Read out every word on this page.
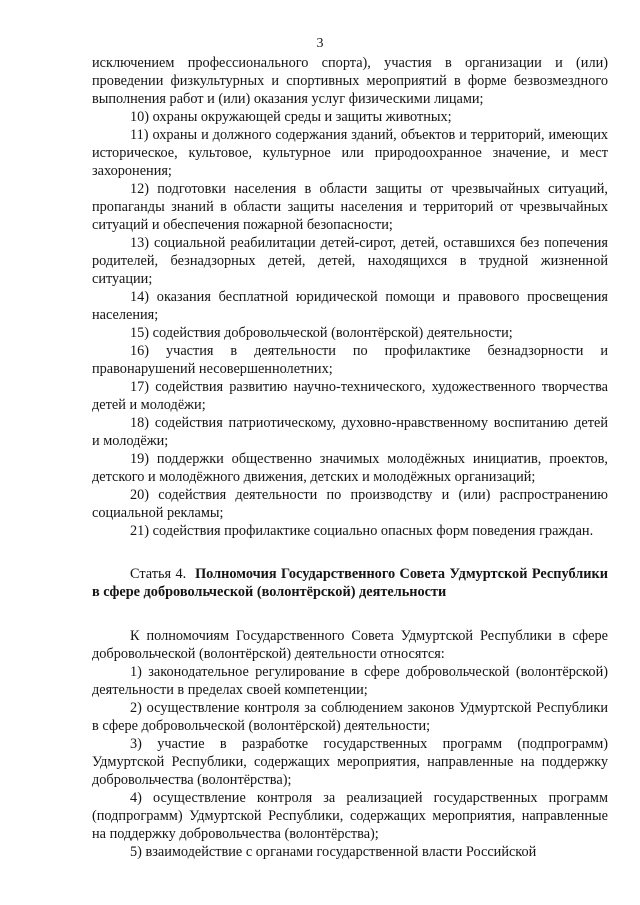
3

исключением профессионального спорта), участия в организации и (или) проведении физкультурных и спортивных мероприятий в форме безвозмездного выполнения работ и (или) оказания услуг физическими лицами;

10) охраны окружающей среды и защиты животных;

11) охраны и должного содержания зданий, объектов и территорий, имеющих историческое, культовое, культурное или природоохранное значение, и мест захоронения;

12) подготовки населения в области защиты от чрезвычайных ситуаций, пропаганды знаний в области защиты населения и территорий от чрезвычайных ситуаций и обеспечения пожарной безопасности;

13) социальной реабилитации детей-сирот, детей, оставшихся без попечения родителей, безнадзорных детей, детей, находящихся в трудной жизненной ситуации;

14) оказания бесплатной юридической помощи и правового просвещения населения;

15) содействия добровольческой (волонтёрской) деятельности;

16) участия в деятельности по профилактике безнадзорности и правонарушений несовершеннолетних;

17) содействия развитию научно-технического, художественного творчества детей и молодёжи;

18) содействия патриотическому, духовно-нравственному воспитанию детей и молодёжи;

19) поддержки общественно значимых молодёжных инициатив, проектов, детского и молодёжного движения, детских и молодёжных организаций;

20) содействия деятельности по производству и (или) распространению социальной рекламы;

21) содействия профилактике социально опасных форм поведения граждан.

Статья 4. Полномочия Государственного Совета Удмуртской Республики в сфере добровольческой (волонтёрской) деятельности

К полномочиям Государственного Совета Удмуртской Республики в сфере добровольческой (волонтёрской) деятельности относятся:

1) законодательное регулирование в сфере добровольческой (волонтёрской) деятельности в пределах своей компетенции;

2) осуществление контроля за соблюдением законов Удмуртской Республики в сфере добровольческой (волонтёрской) деятельности;

3) участие в разработке государственных программ (подпрограмм) Удмуртской Республики, содержащих мероприятия, направленные на поддержку добровольчества (волонтёрства);

4) осуществление контроля за реализацией государственных программ (подпрограмм) Удмуртской Республики, содержащих мероприятия, направленные на поддержку добровольчества (волонтёрства);

5) взаимодействие с органами государственной власти Российской
